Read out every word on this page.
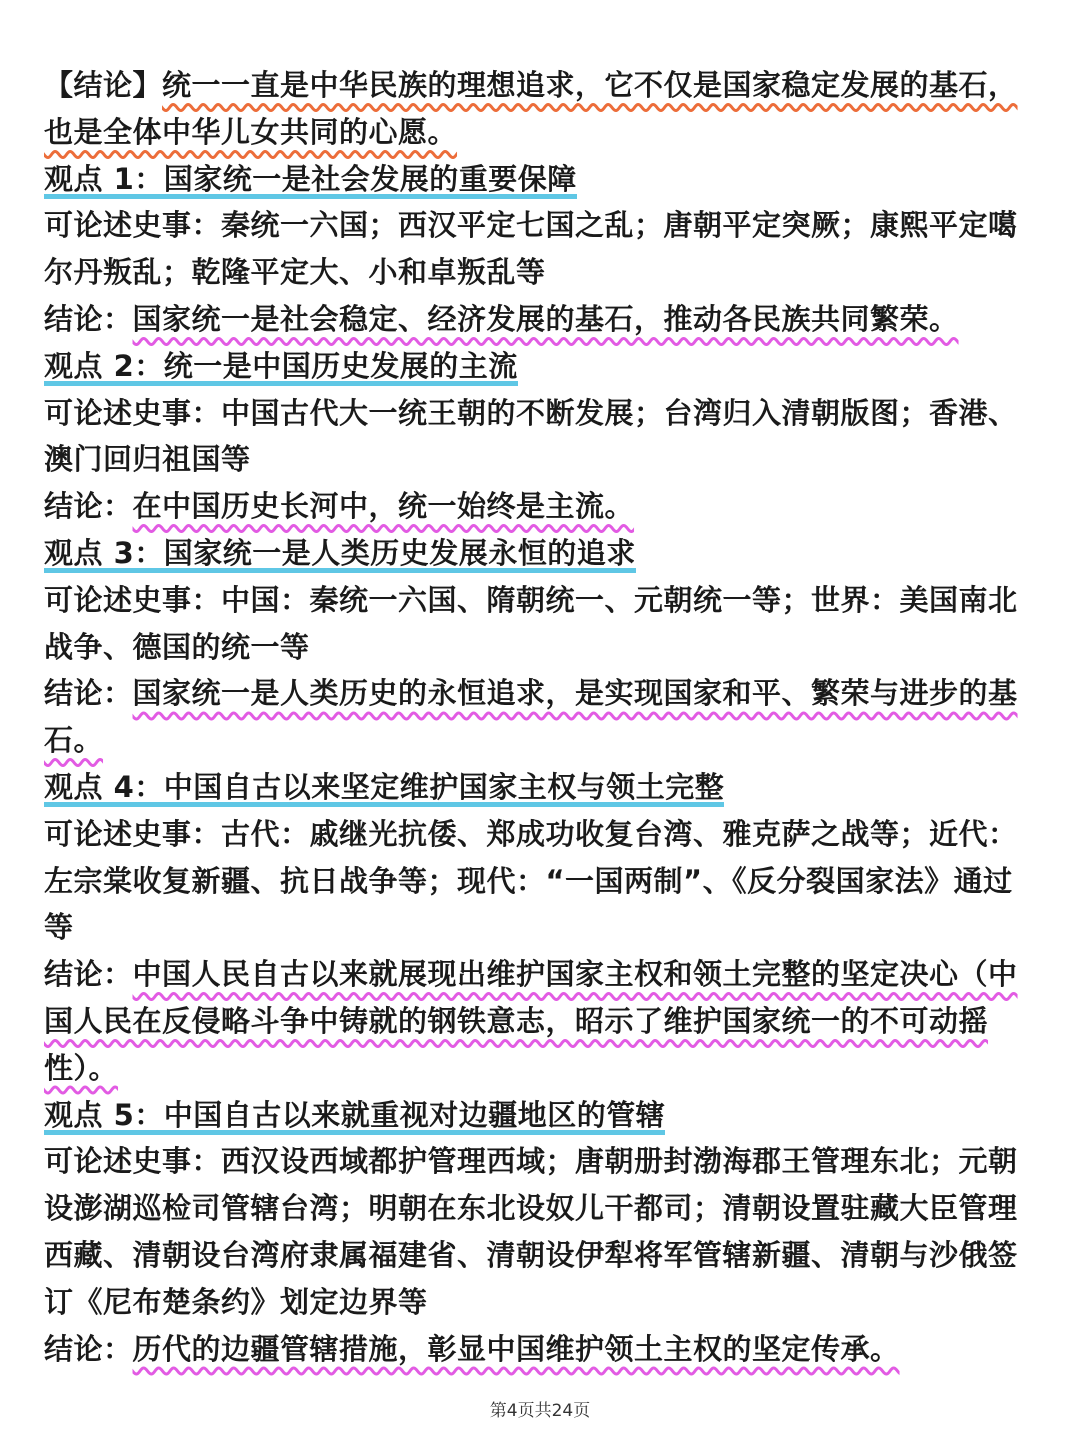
【结论】统一一直是中华民族的理想追求，它不仅是国家稳定发展的基石，也是全体中华儿女共同的心愿。

观点 1：国家统一是社会发展的重要保障

可论述史事：秦统一六国；西汉平定七国之乱；唐朝平定突厥；康熙平定噶尔丹叛乱；乾隆平定大、小和卓叛乱等

结论：国家统一是社会稳定、经济发展的基石，推动各民族共同繁荣。

观点 2：统一是中国历史发展的主流

可论述史事：中国古代大一统王朝的不断发展；台湾归入清朝版图；香港、澳门回归祖国等

结论：在中国历史长河中，统一始终是主流。

观点 3：国家统一是人类历史发展永恒的追求

可论述史事：中国：秦统一六国、隋朝统一、元朝统一等；世界：美国南北战争、德国的统一等

结论：国家统一是人类历史的永恒追求，是实现国家和平、繁荣与进步的基石。

观点 4：中国自古以来坚定维护国家主权与领土完整

可论述史事：古代：戚继光抗倭、郑成功收复台湾、雅克萨之战等；近代：左宗棠收复新疆、抗日战争等；现代：“一国两制”、《反分裂国家法》通过等

结论：中国人民自古以来就展现出维护国家主权和领土完整的坚定决心（中国人民在反侵略斗争中铸就的钢铁意志，昭示了维护国家统一的不可动摇性）。

观点 5：中国自古以来就重视对边疆地区的管辖

可论述史事：西汉设西域都护管理西域；唐朝册封渤海郡王管理东北；元朝设澎湖巡检司管辖台湾；明朝在东北设奴儿干都司；清朝设置驻藏大臣管理西藏、清朝设台湾府隶属福建省、清朝设伊犁将军管辖新疆、清朝与沙俄签订《尼布楚条约》划定边界等

结论：历代的边疆管辖措施，彰显中国维护领土主权的坚定传承。

第4页共24页
